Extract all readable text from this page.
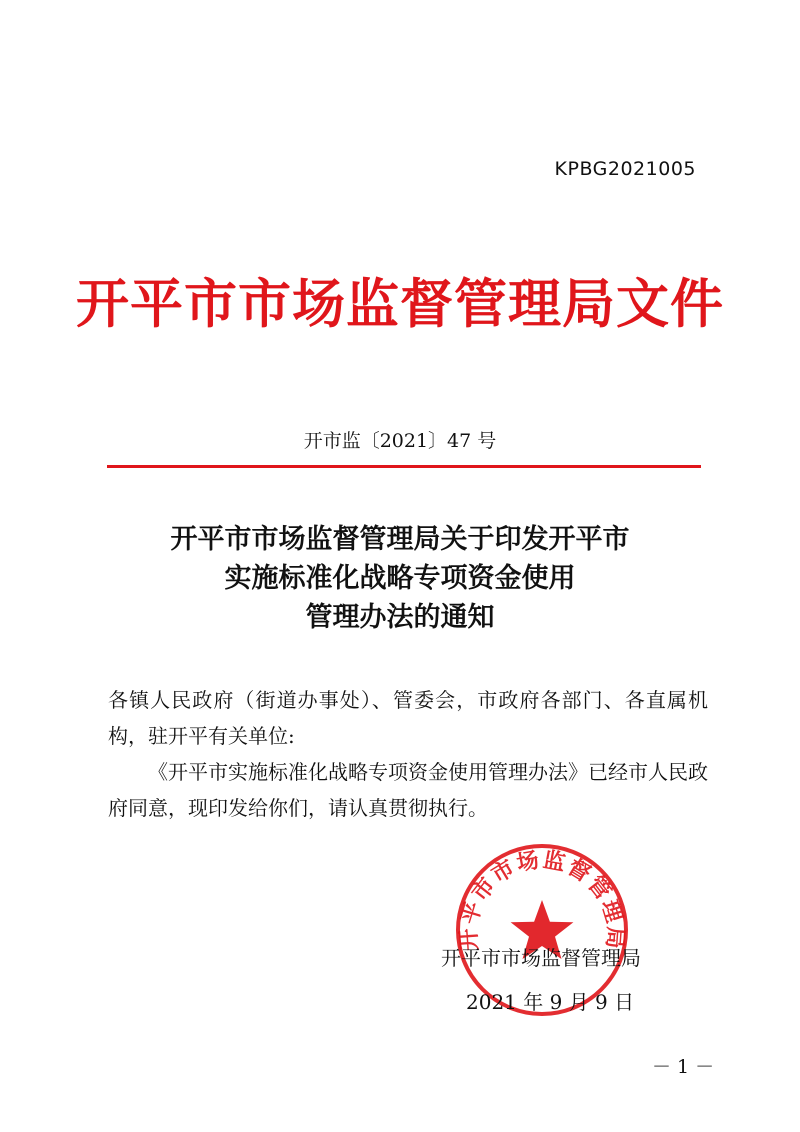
KPBG2021005
开平市市场监督管理局文件
开市监〔2021〕47 号
开平市市场监督管理局关于印发开平市
实施标准化战略专项资金使用
管理办法的通知

各镇人民政府（街道办事处）、管委会，市政府各部门、各直属机构，驻开平有关单位:

《开平市实施标准化战略专项资金使用管理办法》已经市人民政府同意，现印发给你们，请认真贯彻执行。

开平市市场监督管理局
开平市市场监督管理局
2021 年 9 月 9 日
－ 1 －
